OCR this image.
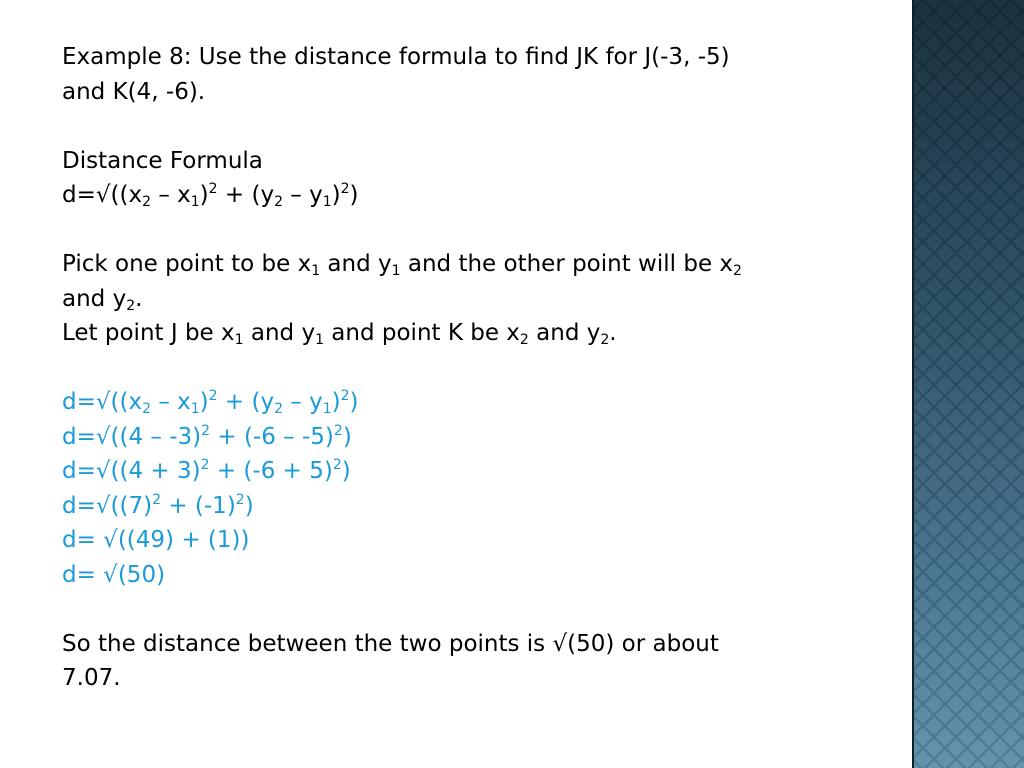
Example 8: Use the distance formula to find JK for J(-3, -5)
and K(4, -6).
Distance Formula
$d=√((x_2 - x_1)^2 + (y_2 - y_1)^2)$
Pick one point to be $x_1$ and $y_1$ and the other point will be $x_2$
and $y_2$.
Let point J be $x_1$ and $y_1$ and point K be $x_2$ and $y_2$.
$d=√((x_2 - x_1)^2 + (y_2 - y_1)^2)$
d=√((4 – -3)$^2$ + (-6 – -5)$^2$)
$d=√((4 + 3)^2 + (-6 + 5)^2)$
$d=√((7)^2 + (-1)^2)$
d= √((49) + (1))
d= √(50)
So the distance between the two points is √(50) or about
7.07.
